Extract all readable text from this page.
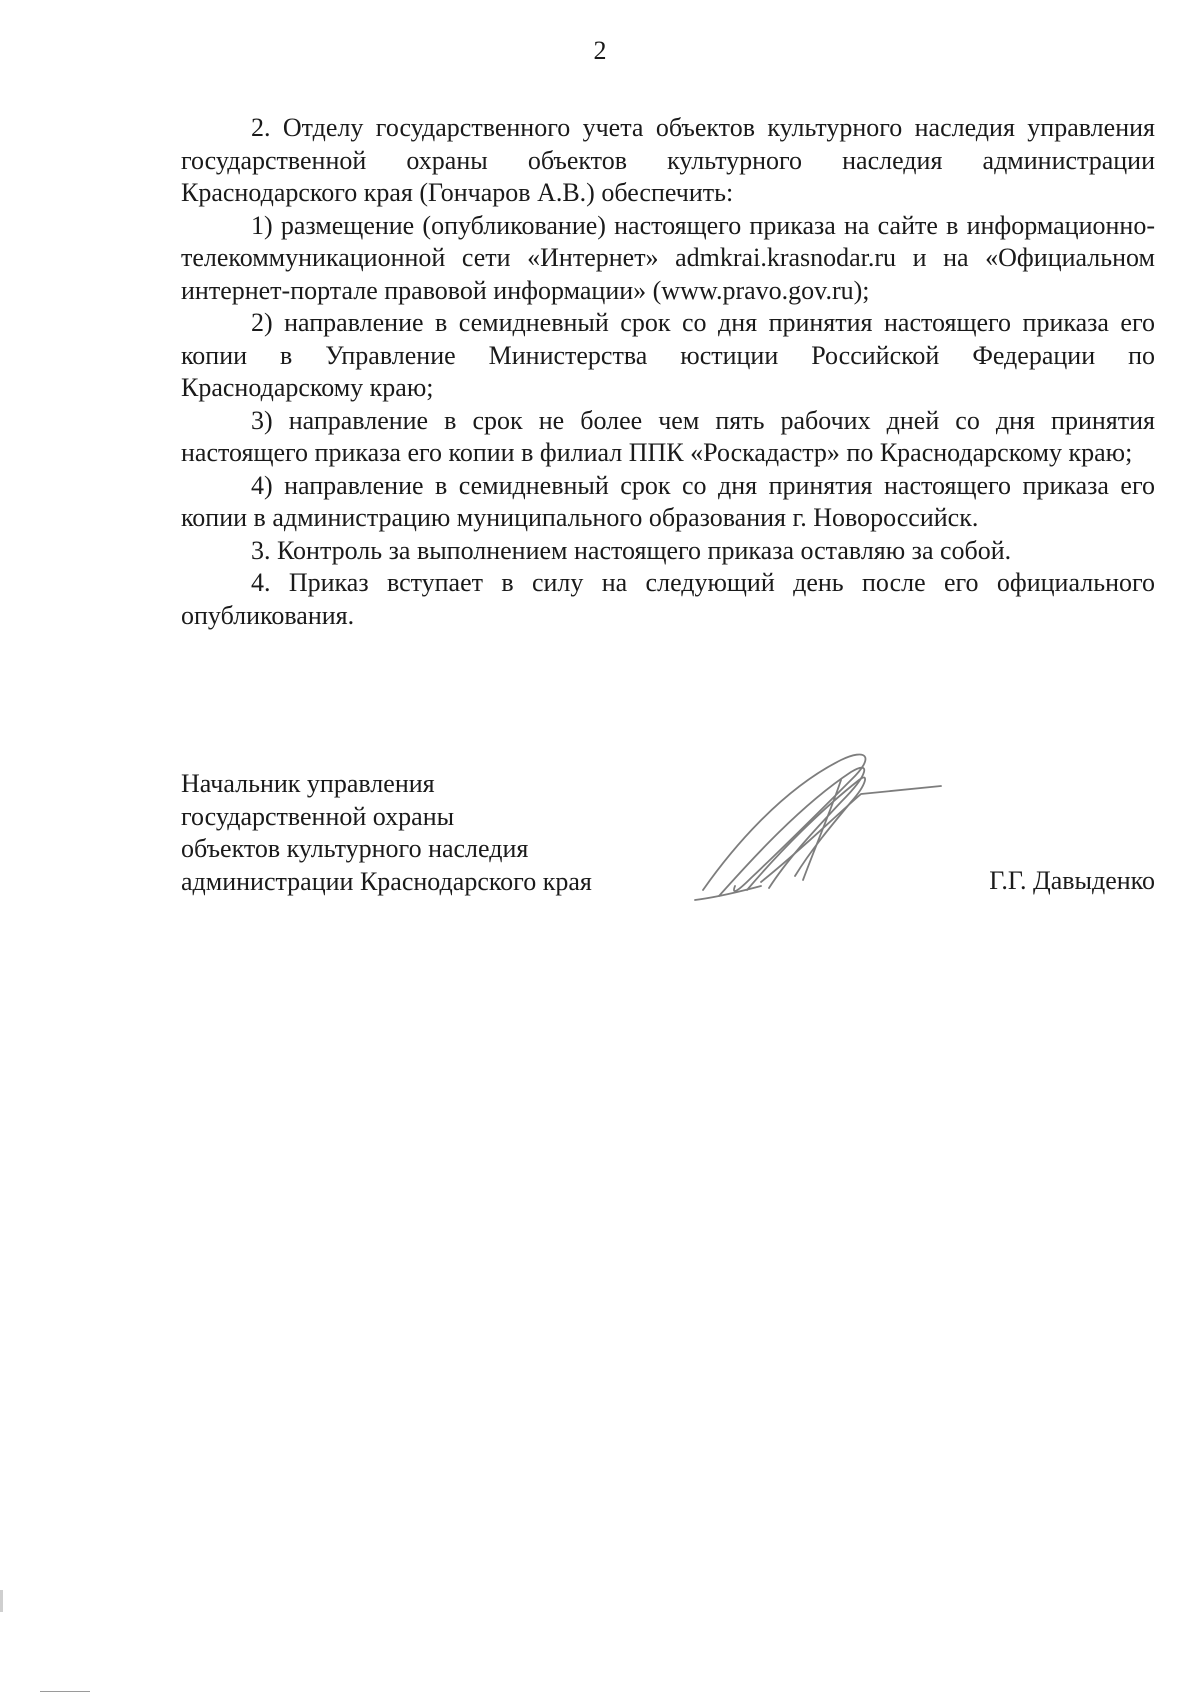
2

2. Отделу государственного учета объектов культурного наследия управления государственной охраны объектов культурного наследия администрации Краснодарского края (Гончаров А.В.) обеспечить:

1) размещение (опубликование) настоящего приказа на сайте в информационно-телекоммуникационной сети «Интернет» admkrai.krasnodar.ru и на «Официальном интернет-портале правовой информации» (www.pravo.gov.ru);

2) направление в семидневный срок со дня принятия настоящего приказа его копии в Управление Министерства юстиции Российской Федерации по Краснодарскому краю;

3) направление в срок не более чем пять рабочих дней со дня принятия настоящего приказа его копии в филиал ППК «Роскадастр» по Краснодарскому краю;

4) направление в семидневный срок со дня принятия настоящего приказа его копии в администрацию муниципального образования г. Новороссийск.

3. Контроль за выполнением настоящего приказа оставляю за собой.

4. Приказ вступает в силу на следующий день после его официального опубликования.

Начальник управления
государственной охраны
объектов культурного наследия
администрации Краснодарского края	Г.Г. Давыденко
